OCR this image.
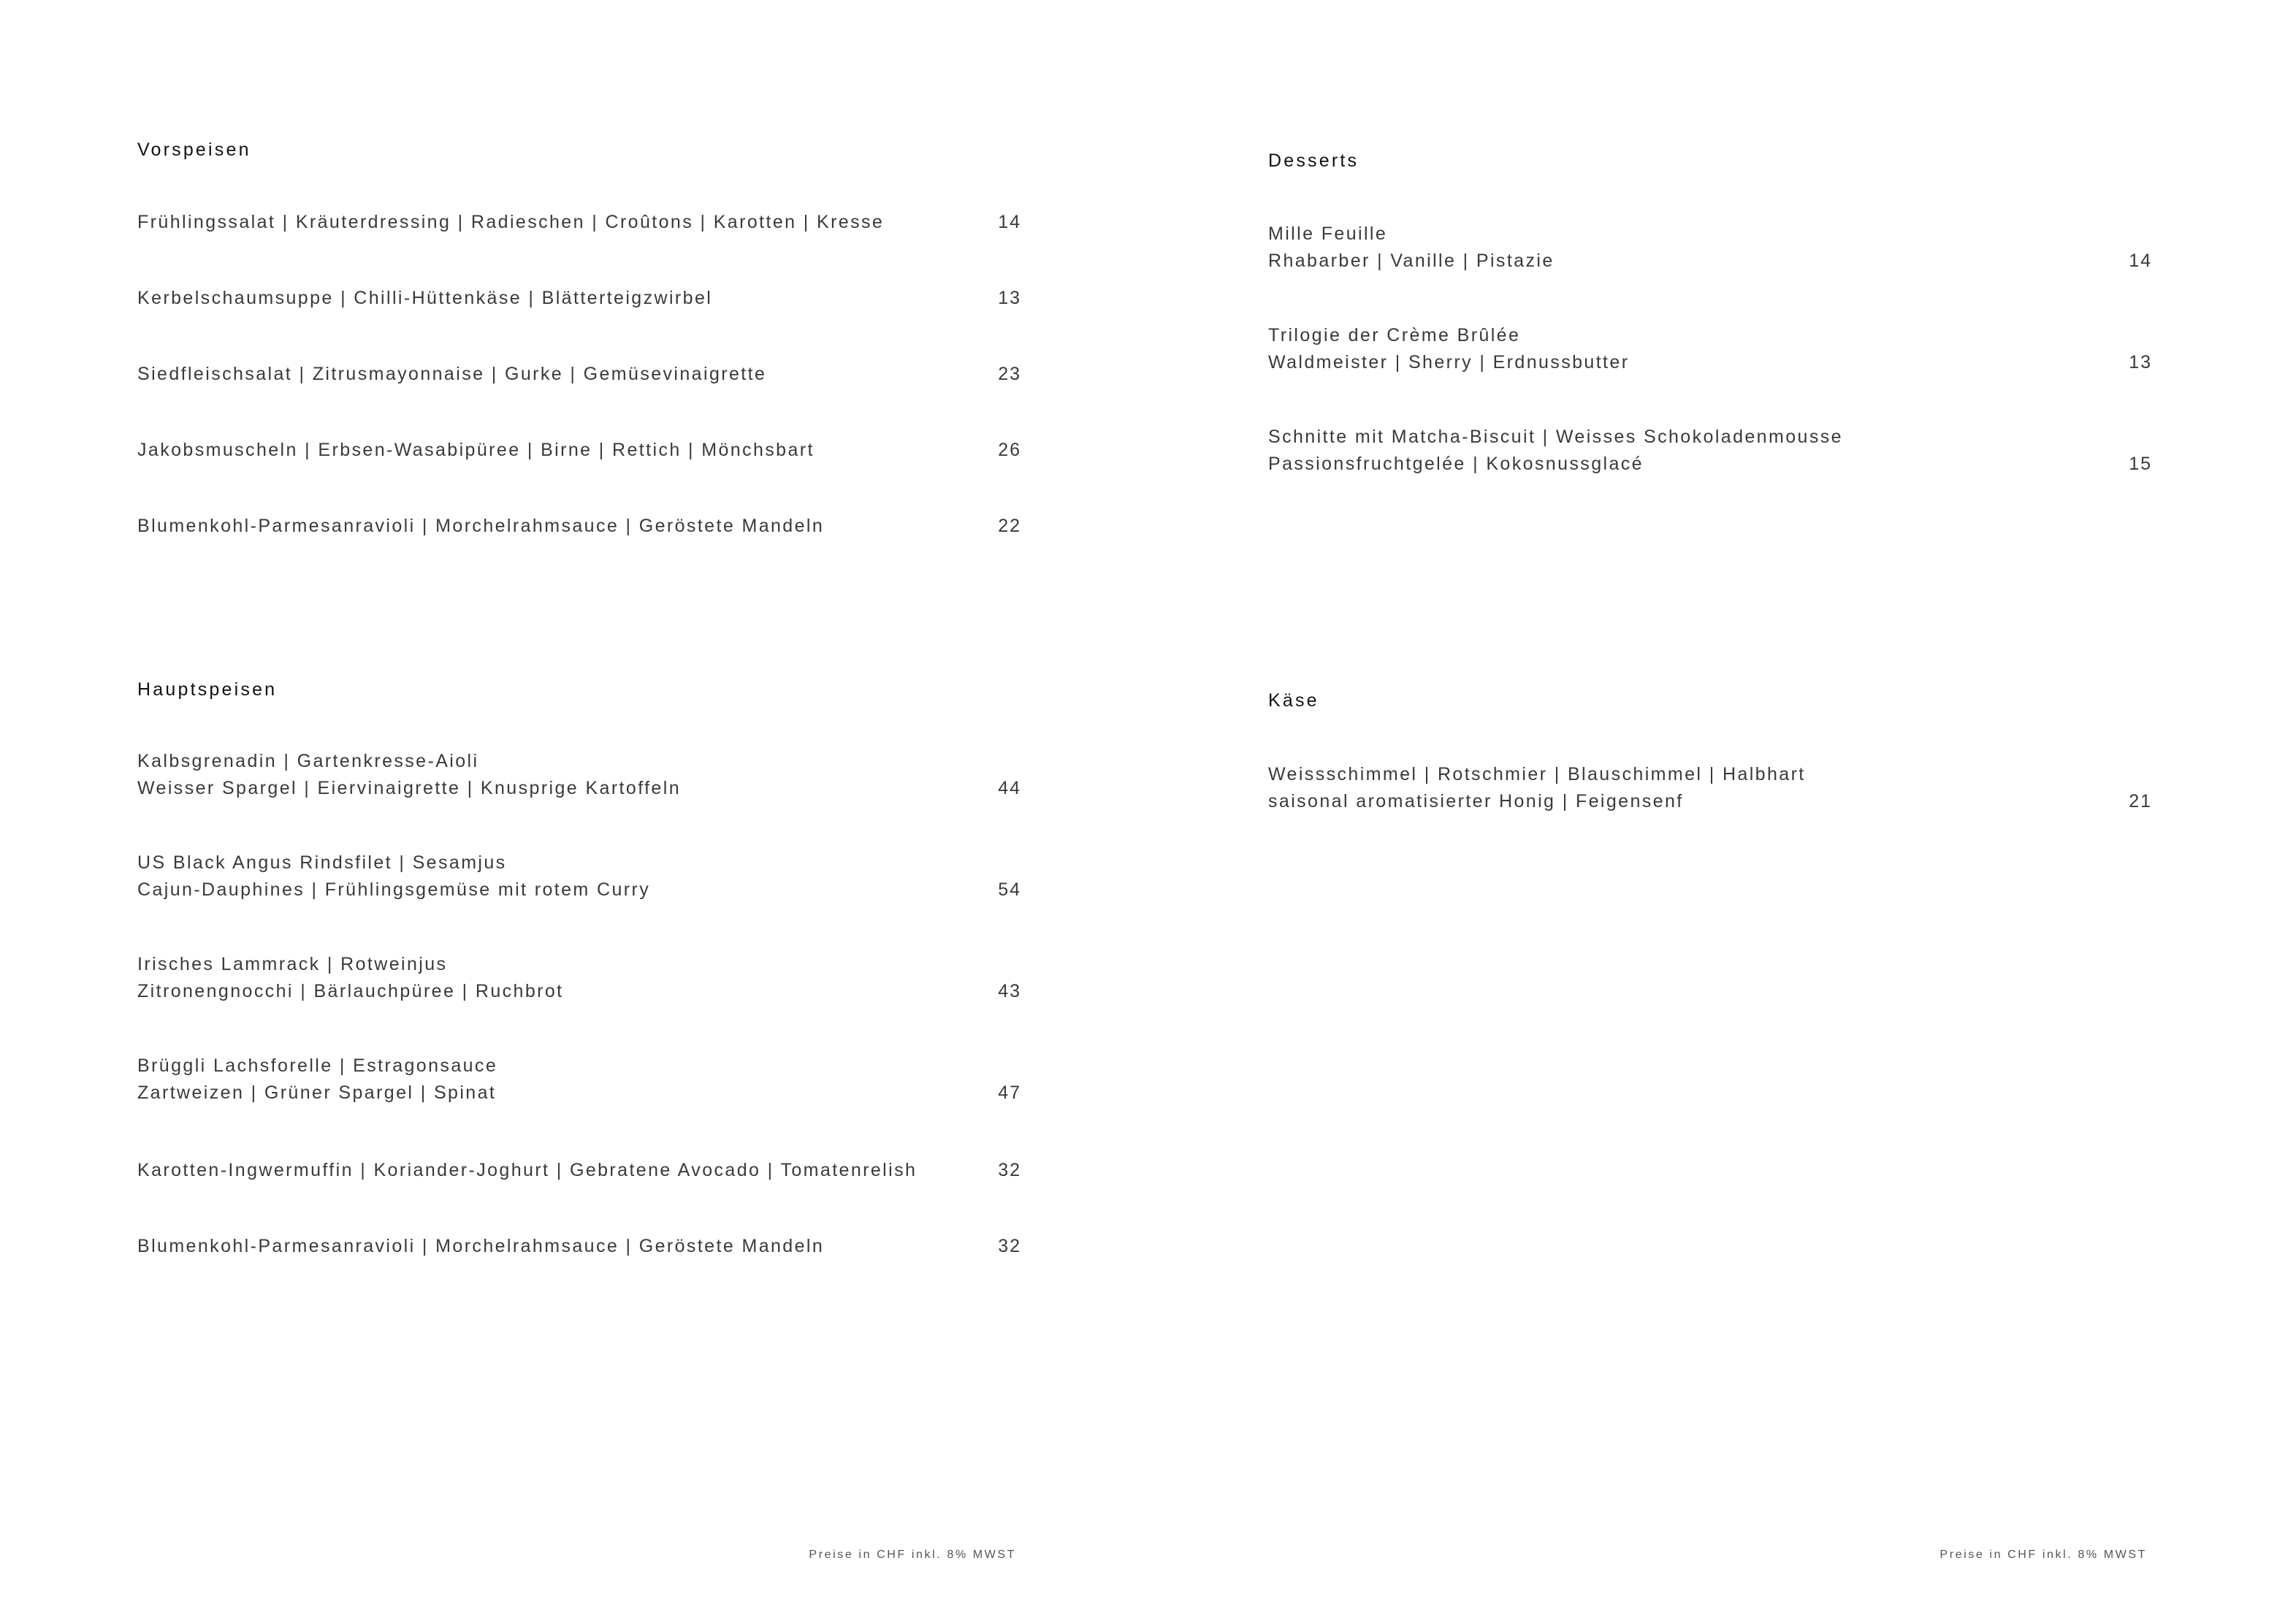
Vorspeisen
Frühlingssalat | Kräuterdressing | Radieschen | Croûtons | Karotten | Kresse	14
Kerbelschaumsuppe | Chilli-Hüttenkäse | Blätterteigzwirbel	13
Siedfleischsalat | Zitrusmayonnaise | Gurke | Gemüsevinaigrette	23
Jakobsmuscheln | Erbsen-Wasabipüree | Birne | Rettich | Mönchsbart	26
Blumenkohl-Parmesanravioli | Morchelrahmsauce | Geröstete Mandeln	22
Hauptspeisen
Kalbsgrenadin | Gartenkresse-Aioli
Weisser Spargel | Eiervinaigrette | Knusprige Kartoffeln	44
US Black Angus Rindsfilet | Sesamjus
Cajun-Dauphines | Frühlingsgemüse mit rotem Curry	54
Irisches Lammrack | Rotweinjus
Zitronengnocchi | Bärlauchpüree | Ruchbrot	43
Brüggli Lachsforelle | Estragonsauce
Zartweizen | Grüner Spargel | Spinat	47
Karotten-Ingwermuffin | Koriander-Joghurt | Gebratene Avocado | Tomatenrelish	32
Blumenkohl-Parmesanravioli | Morchelrahmsauce | Geröstete Mandeln	32
Preise in CHF inkl. 8% MWST
Desserts
Mille Feuille
Rhabarber | Vanille | Pistazie	14
Trilogie der Crème Brûlée
Waldmeister | Sherry | Erdnussbutter	13
Schnitte mit Matcha-Biscuit | Weisses Schokoladenmousse
Passionsfruchtgelée | Kokosnussglacé	15
Käse
Weissschimmel | Rotschmier | Blauschimmel | Halbhart
saisonal aromatisierter Honig | Feigensenf	21
Preise in CHF inkl. 8% MWST
